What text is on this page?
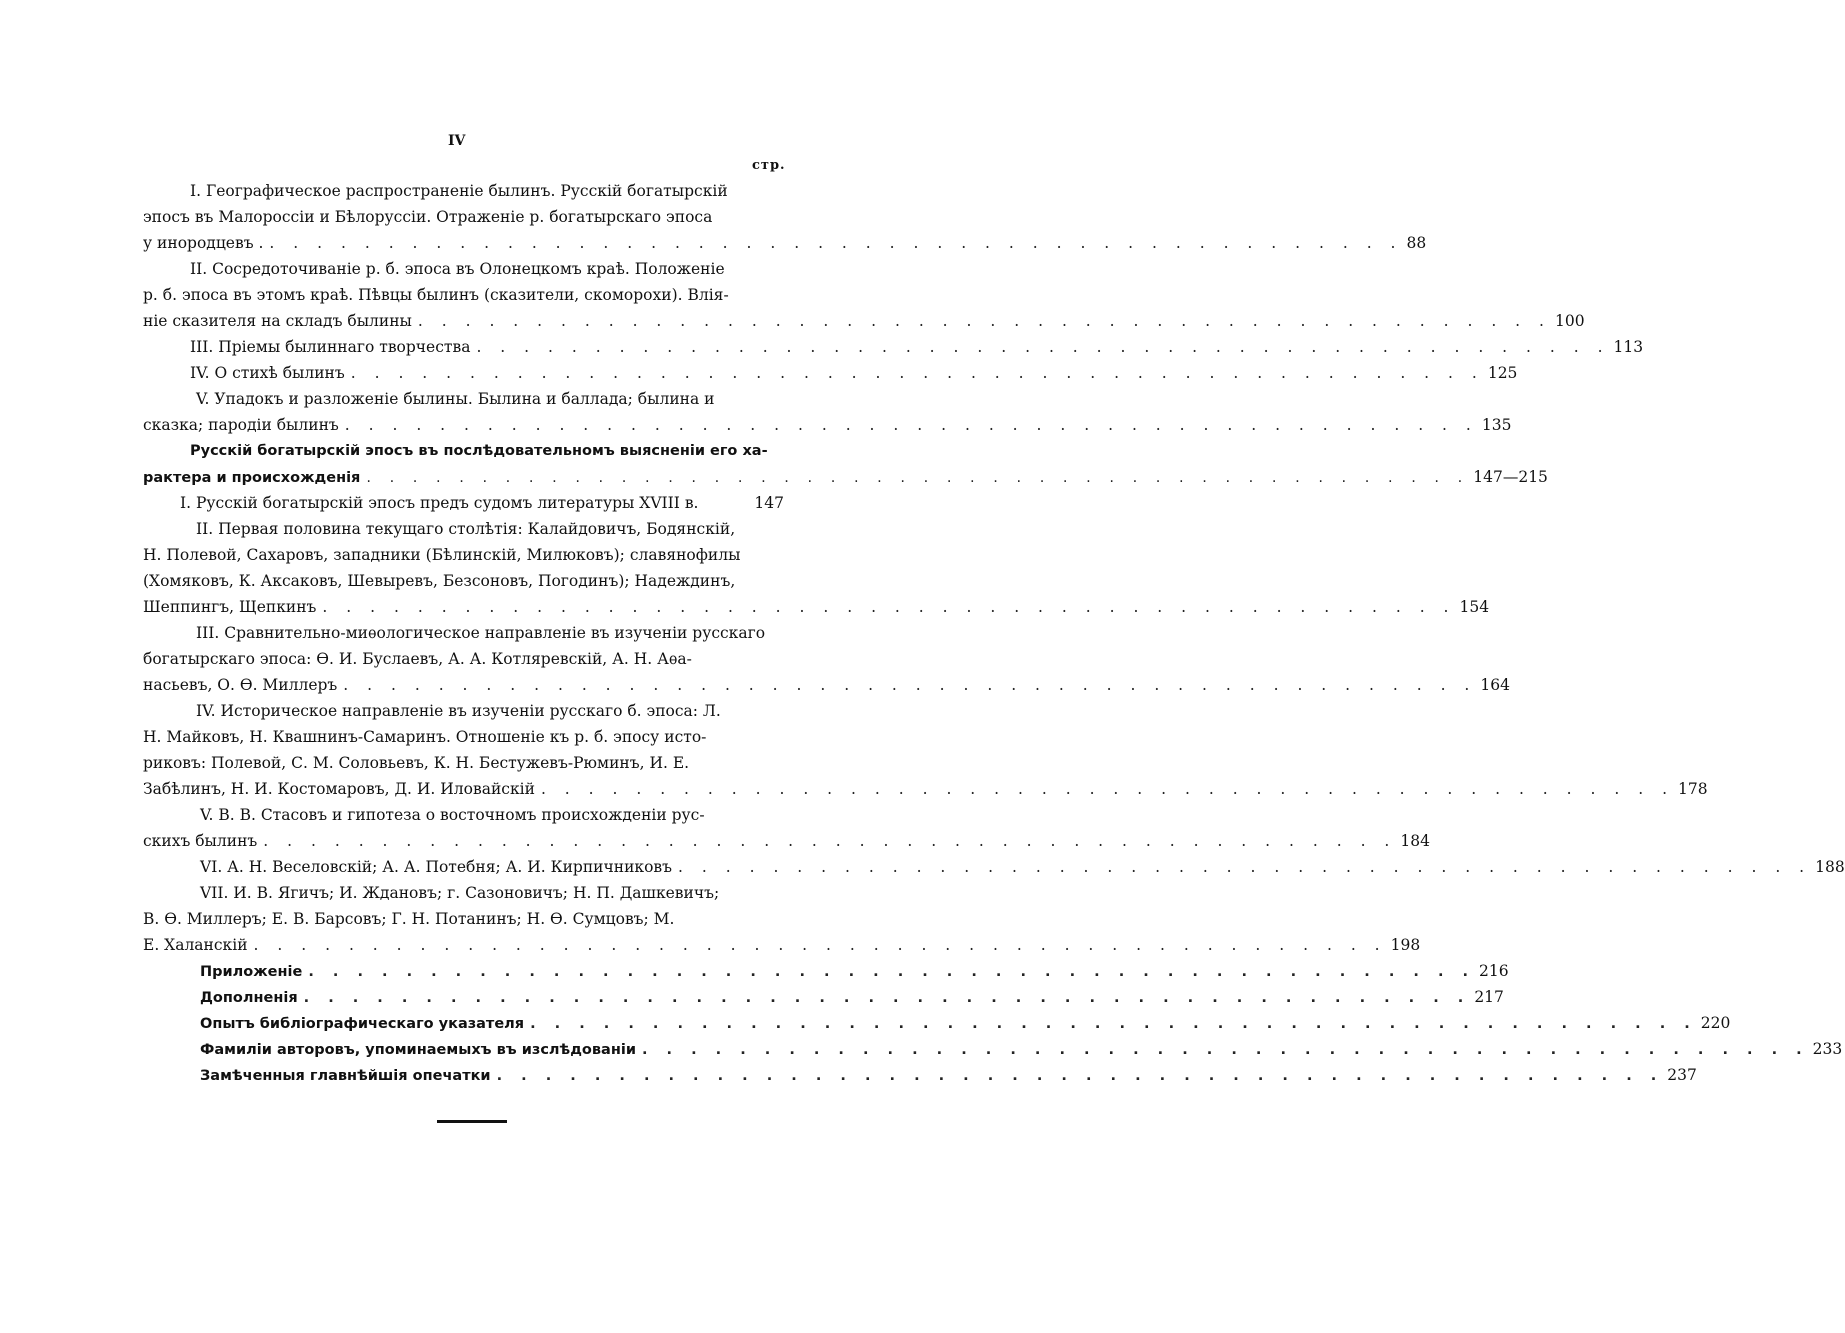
IV
стр.
I. Географическое распространеніе былинъ. Русскій богатырскій
эпосъ въ Малороссіи и Бѣлоруссіи. Отраженіе р. богатырскаго эпоса
у инородцевъ . . . . . . . . . . . . . . . . . . . . . . . . . . . . . . . . . . . . . . . . . . . . . . . . . 88
II. Сосредоточиваніе р. б. эпоса въ Олонецкомъ краѣ. Положеніе
р. б. эпоса въ этомъ краѣ. Пѣвцы былинъ (сказители, скоморохи). Влія-
ніе сказителя на складъ былины . . . . . . . . . . . . . . . . . . . . . . . . . . . . . . . . . . . . . . . . . . . . . . . . 100
III. Пріемы былиннаго творчества . . . . . . . . . . . . . . . . . . . . . . . . . . . . . . . . . . . . . . . . . . . . . . . . 113
IV. О стихѣ былинъ . . . . . . . . . . . . . . . . . . . . . . . . . . . . . . . . . . . . . . . . . . . . . . . . 125
V. Упадокъ и разложеніе былины. Былина и баллада; былина и
сказка; пародіи былинъ . . . . . . . . . . . . . . . . . . . . . . . . . . . . . . . . . . . . . . . . . . . . . . . . 135
Русскій богатырскій эпосъ въ послѣдовательномъ выясненіи его ха-
рактера и происхожденія . . . . . . . . . . . . . . . . . . . . . . . . . . . . . . . . . . . . . . . . . . . . . . . . 147—215
I. Русскій богатырскій эпосъ предъ судомъ литературы XVIII в.	147
II. Первая половина текущаго столѣтія: Калайдовичъ, Бодянскій,
Н. Полевой, Сахаровъ, западники (Бѣлинскій, Милюковъ); славянофилы
(Хомяковъ, К. Аксаковъ, Шевыревъ, Безсоновъ, Погодинъ); Надеждинъ,
Шеппингъ, Щепкинъ . . . . . . . . . . . . . . . . . . . . . . . . . . . . . . . . . . . . . . . . . . . . . . . . 154
III. Сравнительно-миѳологическое направленіе въ изученіи русскаго
богатырскаго эпоса: Ѳ. И. Буслаевъ, А. А. Котляревскій, А. Н. Аѳа-
насьевъ, О. Ѳ. Миллеръ . . . . . . . . . . . . . . . . . . . . . . . . . . . . . . . . . . . . . . . . . . . . . . . . 164
IV. Историческое направленіе въ изученіи русскаго б. эпоса: Л.
Н. Майковъ, Н. Квашнинъ-Самаринъ. Отношеніе къ р. б. эпосу исто-
риковъ: Полевой, С. М. Соловьевъ, К. Н. Бестужевъ-Рюминъ, И. Е.
Забѣлинъ, Н. И. Костомаровъ, Д. И. Иловайскій . . . . . . . . . . . . . . . . . . . . . . . . . . . . . . . . . . . . . . . . . . . . . . . . 178
V. В. В. Стасовъ и гипотеза о восточномъ происхожденіи рус-
скихъ былинъ . . . . . . . . . . . . . . . . . . . . . . . . . . . . . . . . . . . . . . . . . . . . . . . . 184
VI. А. Н. Веселовскій; А. А. Потебня; А. И. Кирпичниковъ . . . . . . . . . . . . . . . . . . . . . . . . . . . . . . . . . . . . . . . . . . . . . . . . 188
VII. И. В. Ягичъ; И. Ждановъ; г. Сазоновичъ; Н. П. Дашкевичъ;
В. Ѳ. Миллеръ; Е. В. Барсовъ; Г. Н. Потанинъ; Н. Ѳ. Сумцовъ; М.
Е. Халанскій . . . . . . . . . . . . . . . . . . . . . . . . . . . . . . . . . . . . . . . . . . . . . . . . 198
Приложеніе . . . . . . . . . . . . . . . . . . . . . . . . . . . . . . . . . . . . . . . . . . . . . . . . 216
Дополненія . . . . . . . . . . . . . . . . . . . . . . . . . . . . . . . . . . . . . . . . . . . . . . . . 217
Опытъ библіографическаго указателя . . . . . . . . . . . . . . . . . . . . . . . . . . . . . . . . . . . . . . . . . . . . . . . . 220
Фамиліи авторовъ, упоминаемыхъ въ изслѣдованіи . . . . . . . . . . . . . . . . . . . . . . . . . . . . . . . . . . . . . . . . . . . . . . . . 233
Замѣченныя главнѣйшія опечатки . . . . . . . . . . . . . . . . . . . . . . . . . . . . . . . . . . . . . . . . . . . . . . . . 237
